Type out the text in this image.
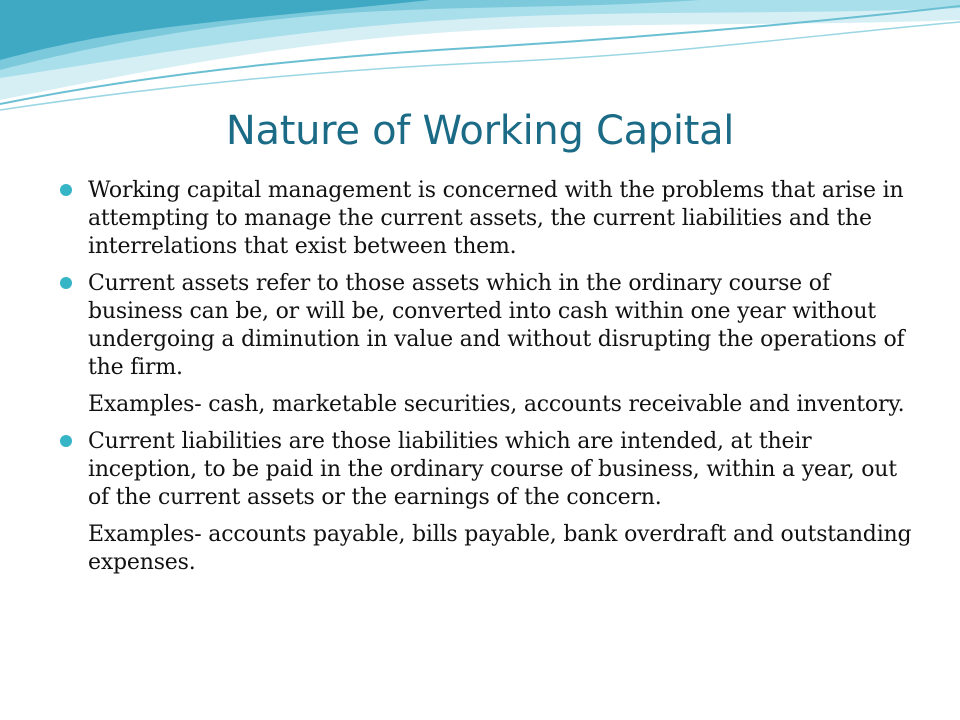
Nature of Working Capital
Working capital management is concerned with the problems that arise in attempting to manage the current assets, the current liabilities and the interrelations that exist between them.
Current assets refer to those assets which in the ordinary course of business can be, or will be, converted into cash within one year without undergoing a diminution in value and without disrupting the operations of the firm.
Examples- cash, marketable securities, accounts receivable and inventory.
Current liabilities are those liabilities which are intended, at their inception, to be paid in the ordinary course of business, within a year, out of the current assets or the earnings of the concern.
Examples- accounts payable, bills payable, bank overdraft and outstanding expenses.
